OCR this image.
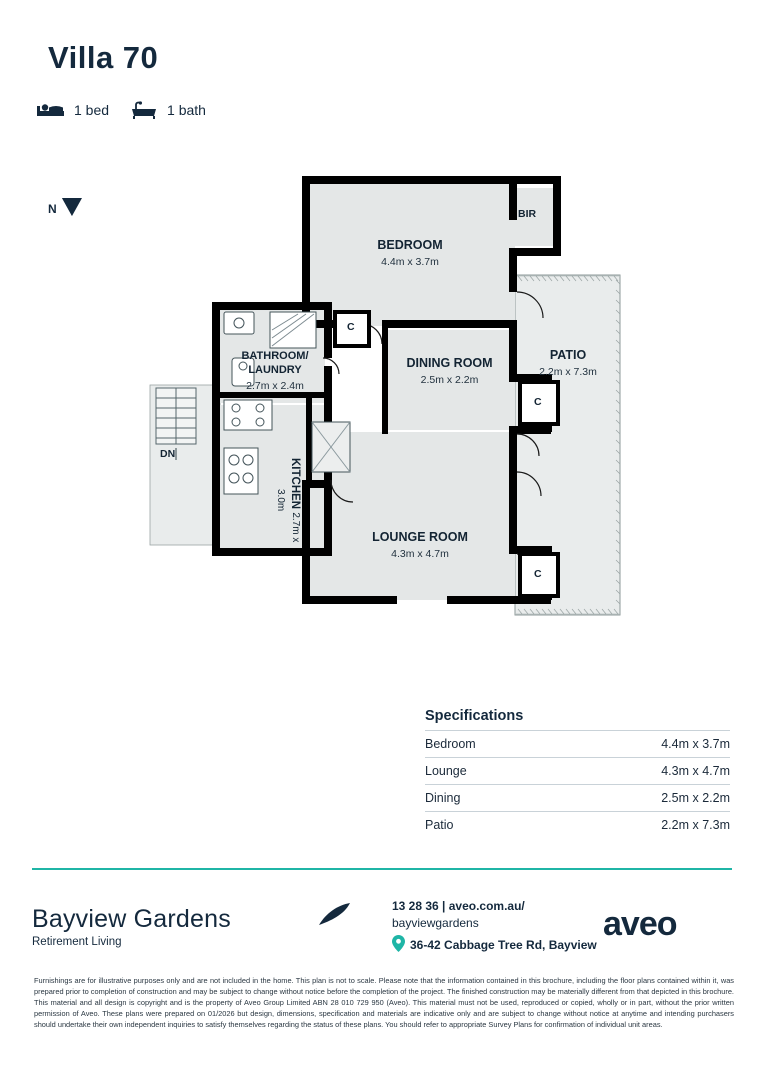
Villa 70
1 bed	1 bath
N
BEDROOM
4.4m x 3.7m
DINING ROOM
2.5m x 2.2m
LOUNGE ROOM
4.3m x 4.7m
PATIO
2.2m x 7.3m
BATHROOM/
LAUNDRY
2.7m x 2.4m
KITCHEN 2.7m x 3.0m
BIR
DN
C
C
C
Specifications
Bedroom	4.4m x 3.7m
Lounge	4.3m x 4.7m
Dining	2.5m x 2.2m
Patio	2.2m x 7.3m
Bayview Gardens
Retirement Living
13 28 36 | aveo.com.au/
bayviewgardens
36-42 Cabbage Tree Rd, Bayview
aveo
Furnishings are for illustrative purposes only and are not included in the home. This plan is not to scale. Please note that the information contained in this brochure, including the floor plans contained within it, was prepared prior to completion of construction and may be subject to change without notice before the completion of the project. The finished construction may be materially different from that depicted in this brochure. This material and all design is copyright and is the property of Aveo Group Limited ABN 28 010 729 950 (Aveo). This material must not be used, reproduced or copied, wholly or in part, without the prior written permission of Aveo. These plans were prepared on 01/2026 but design, dimensions, specification and materials are indicative only and are subject to change without notice at anytime and intending purchasers should undertake their own independent inquiries to satisfy themselves regarding the status of these plans. You should refer to appropriate Survey Plans for confirmation of individual unit areas.
